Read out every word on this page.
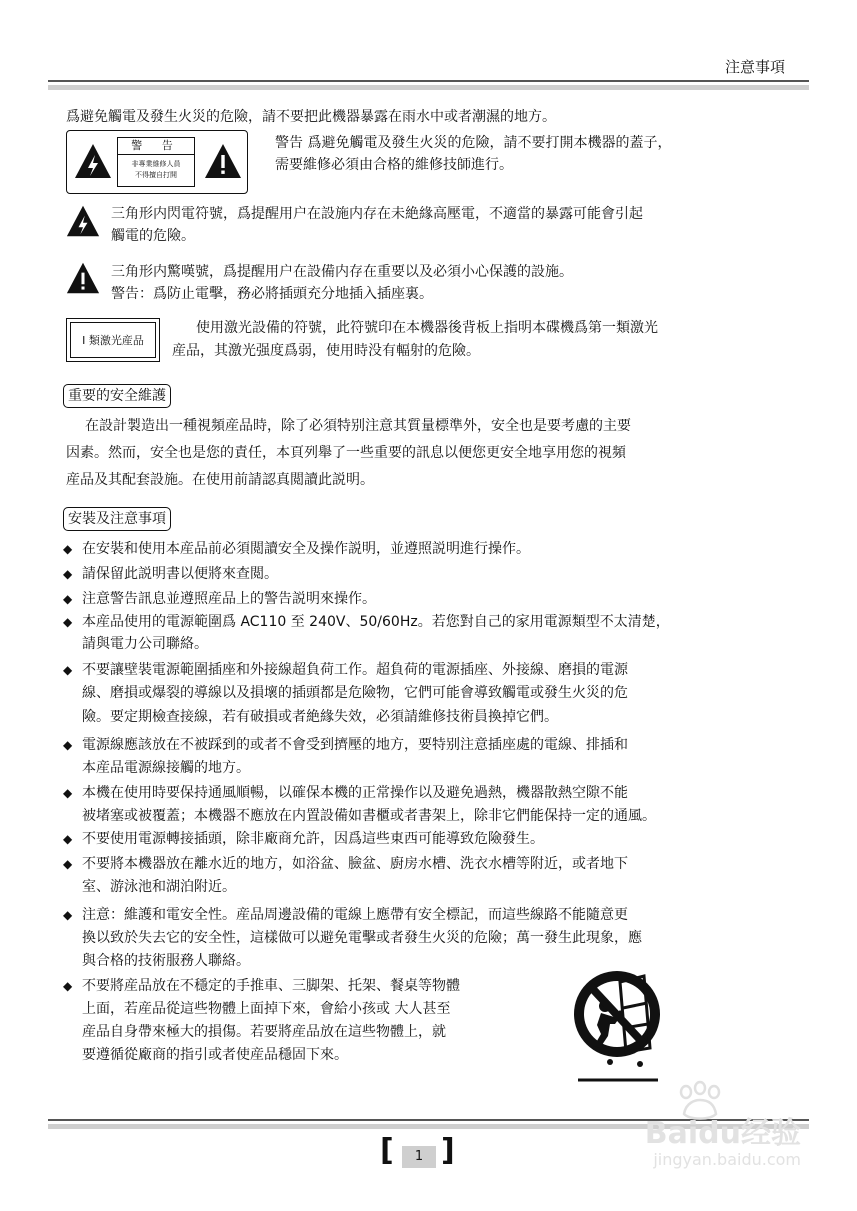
注意事項
爲避免觸電及發生火災的危險，請不要把此機器暴露在雨水中或者潮濕的地方。
警 告
非專業維修人員
不得擅自打開
警告 爲避免觸電及發生火災的危險，請不要打開本機器的蓋子，
需要維修必須由合格的維修技師進行。
三角形内閃電符號，爲提醒用户在設施内存在未絶緣高壓電，不適當的暴露可能會引起
觸電的危險。
三角形内驚嘆號，爲提醒用户在設備内存在重要以及必須小心保護的設施。
警告：爲防止電擊，務必將插頭充分地插入插座裏。
I 類激光産品
使用激光設備的符號，此符號印在本機器後背板上指明本碟機爲第一類激光
産品，其激光强度爲弱，使用時没有輻射的危險。
重要的安全維護
在設計製造出一種視頻産品時，除了必須特别注意其質量標準外，安全也是要考慮的主要
因素。然而，安全也是您的責任，本頁列舉了一些重要的訊息以便您更安全地享用您的視頻
産品及其配套設施。在使用前請認真閲讀此説明。
安裝及注意事項
◆ 在安裝和使用本産品前必須閲讀安全及操作説明，並遵照説明進行操作。
◆ 請保留此説明書以便將來查閲。
◆ 注意警告訊息並遵照産品上的警告説明來操作。
◆ 本産品使用的電源範圍爲 AC110 至 240V、50/60Hz。若您對自己的家用電源類型不太清楚，
請與電力公司聯絡。
◆ 不要讓壁裝電源範圍插座和外接線超負荷工作。超負荷的電源插座、外接線、磨損的電源
線、磨損或爆裂的導線以及損壞的插頭都是危險物，它們可能會導致觸電或發生火災的危
險。要定期檢查接線，若有破損或者絶緣失效，必須請維修技術員換掉它們。
◆ 電源線應該放在不被踩到的或者不會受到擠壓的地方，要特别注意插座處的電線、排插和
本産品電源線接觸的地方。
◆ 本機在使用時要保持通風順暢，以確保本機的正常操作以及避免過熱，機器散熱空隙不能
被堵塞或被覆蓋；本機器不應放在内置設備如書櫃或者書架上，除非它們能保持一定的通風。
◆ 不要使用電源轉接插頭，除非廠商允許，因爲這些東西可能導致危險發生。
◆ 不要將本機器放在離水近的地方，如浴盆、臉盆、廚房水槽、洗衣水槽等附近，或者地下
室、游泳池和湖泊附近。
◆ 注意：維護和電安全性。産品周邊設備的電線上應帶有安全標記，而這些線路不能隨意更
換以致於失去它的安全性，這樣做可以避免電擊或者發生火災的危險；萬一發生此現象，應
與合格的技術服務人聯絡。
◆ 不要將産品放在不穩定的手推車、三脚架、托架、餐桌等物體
上面，若産品從這些物體上面掉下來，會給小孩或 大人甚至
産品自身帶來極大的損傷。若要將産品放在這些物體上，就
要遵循從廠商的指引或者使産品穩固下來。
[	1 ]	Baidu经验
jingyan.baidu.com
